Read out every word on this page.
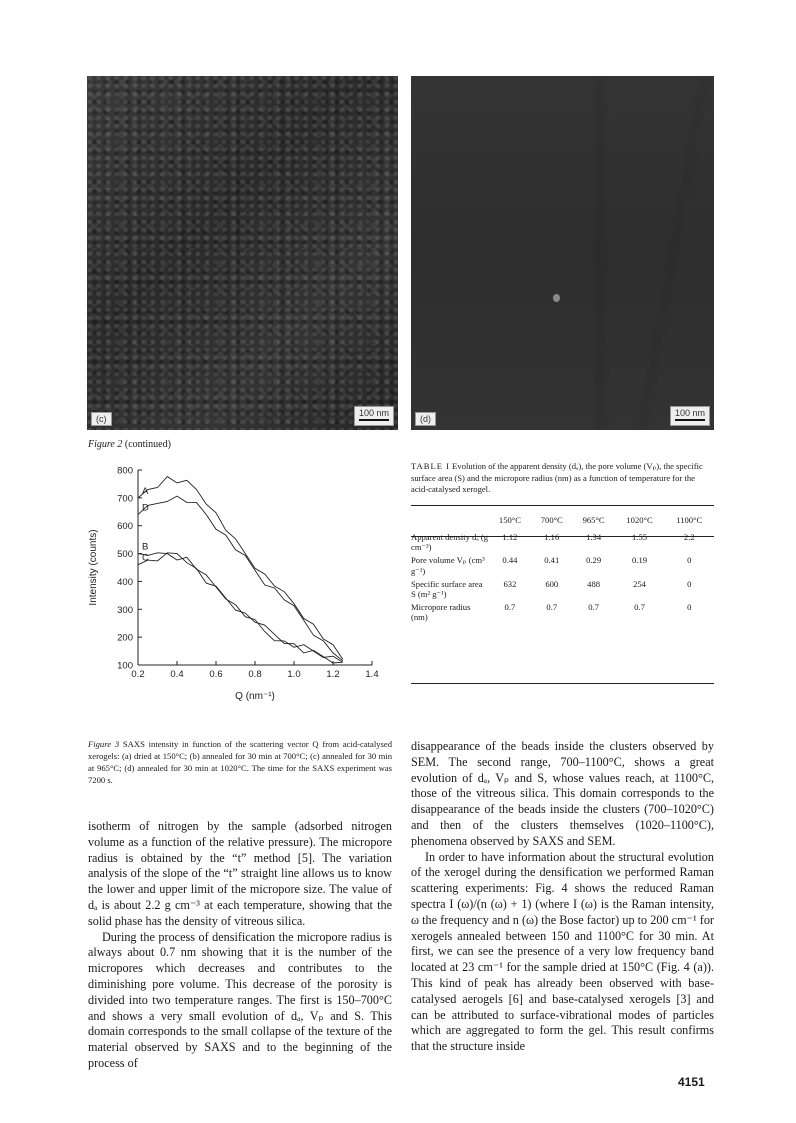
(c)
100 nm
(d)
100 nm
Figure 2 (continued)
0.2	0.4	0.6	0.8	1.0	1.2	1.4
100
200
300
400
500
600
700
800
Q (nm⁻¹)
Intensity (counts)
A
D
B
C
Figure 3 SAXS intensity in function of the scattering vector Q from acid-catalysed xerogels: (a) dried at 150°C; (b) annealed for 30 min at 700°C; (c) annealed for 30 min at 965°C; (d) annealed for 30 min at 1020°C. The time for the SAXS experiment was 7200 s.
TABLE I Evolution of the apparent density (dₐ), the pore volume (Vₚ), the specific surface area (S) and the micropore radius (nm) as a function of temperature for the acid-catalysed xerogel.
	150°C	700°C	965°C	1020°C	1100°C
Apparent density dₐ (g cm⁻³)	1.12	1.16	1.34	1.55	2.2
Pore volume Vₚ (cm³ g⁻¹)	0.44	0.41	0.29	0.19	0
Specific surface area S (m² g⁻¹)	632	600	488	254	0
Micropore radius (nm)	0.7	0.7	0.7	0.7	0

isotherm of nitrogen by the sample (adsorbed nitrogen volume as a function of the relative pressure). The micropore radius is obtained by the “t” method [5]. The variation analysis of the slope of the “t” straight line allows us to know the lower and upper limit of the micropore size. The value of dₐ is about 2.2 g cm⁻³ at each temperature, showing that the solid phase has the density of vitreous silica.

During the process of densification the micropore radius is always about 0.7 nm showing that it is the number of the micropores which decreases and contributes to the diminishing pore volume. This decrease of the porosity is divided into two temperature ranges. The first is 150–700°C and shows a very small evolution of dₐ, Vₚ and S. This domain corresponds to the small collapse of the texture of the material observed by SAXS and to the beginning of the process of

disappearance of the beads inside the clusters observed by SEM. The second range, 700–1100°C, shows a great evolution of dₐ, Vₚ and S, whose values reach, at 1100°C, those of the vitreous silica. This domain corresponds to the disappearance of the beads inside the clusters (700–1020°C) and then of the clusters themselves (1020–1100°C), phenomena observed by SAXS and SEM.

In order to have information about the structural evolution of the xerogel during the densification we performed Raman scattering experiments: Fig. 4 shows the reduced Raman spectra I (ω)/(n (ω) + 1) (where I (ω) is the Raman intensity, ω the frequency and n (ω) the Bose factor) up to 200 cm⁻¹ for xerogels annealed between 150 and 1100°C for 30 min. At first, we can see the presence of a very low frequency band located at 23 cm⁻¹ for the sample dried at 150°C (Fig. 4 (a)). This kind of peak has already been observed with base-catalysed aerogels [6] and base-catalysed xerogels [3] and can be attributed to surface-vibrational modes of particles which are aggregated to form the gel. This result confirms that the structure inside

4151
